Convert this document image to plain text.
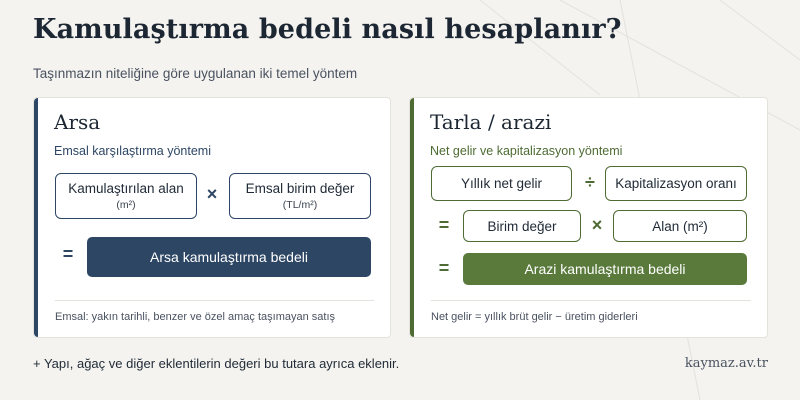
Kamulaştırma bedeli nasıl hesaplanır?
Taşınmazın niteliğine göre uygulanan iki temel yöntem
Arsa
Emsal karşılaştırma yöntemi
Kamulaştırılan alan
(m²)
×	Emsal birim değer
(TL/m²)
=	Arsa kamulaştırma bedeli
Emsal: yakın tarihli, benzer ve özel amaç taşımayan satış
Tarla / arazi
Net gelir ve kapitalizasyon yöntemi
Yıllık net gelir ÷	Kapitalizasyon oranı
=	Birim değer ×	Alan (m²)
=	Arazi kamulaştırma bedeli
Net gelir = yıllık brüt gelir − üretim giderleri
+ Yapı, ağaç ve diğer eklentilerin değeri bu tutara ayrıca eklenir.	kaymaz.av.tr
